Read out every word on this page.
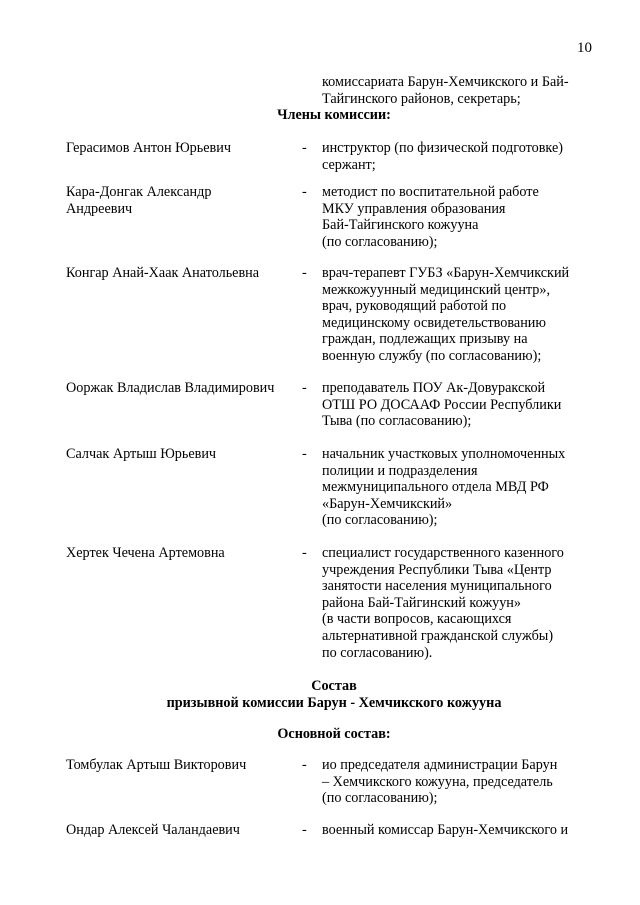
10
комиссариата Барун-Хемчикского и Бай-
Тайгинского районов, секретарь;
Члены комиссии:
Герасимов Антон Юрьевич	-	инструктор (по физической подготовке)
сержант;
Кара-Донгак Александр
Андреевич
-	методист по воспитательной работе
МКУ управления образования
Бай-Тайгинского кожууна
(по согласованию);
Конгар Анай-Хаак Анатольевна	-	врач-терапевт ГУБЗ «Барун-Хемчикский
межкожуунный медицинский центр»,
врач, руководящий работой по
медицинскому освидетельствованию
граждан, подлежащих призыву на
военную службу (по согласованию);
Ооржак Владислав Владимирович	-	преподаватель ПОУ Ак-Довуракской
ОТШ РО ДОСААФ России Республики
Тыва (по согласованию);
Салчак Артыш Юрьевич	-	начальник участковых уполномоченных
полиции и подразделения
межмуниципального отдела МВД РФ
«Барун-Хемчикский»
(по согласованию);
Хертек Чечена Артемовна	-	специалист государственного казенного
учреждения Республики Тыва «Центр
занятости населения муниципального
района Бай-Тайгинский кожуун»
(в части вопросов, касающихся
альтернативной гражданской службы)
по согласованию).
Состав
призывной комиссии Барун - Хемчикского кожууна
Основной состав:
Томбулак Артыш Викторович	-	ио председателя администрации Барун
– Хемчикского кожууна, председатель
(по согласованию);
Ондар Алексей Чаландаевич	-	военный комиссар Барун-Хемчикского и
